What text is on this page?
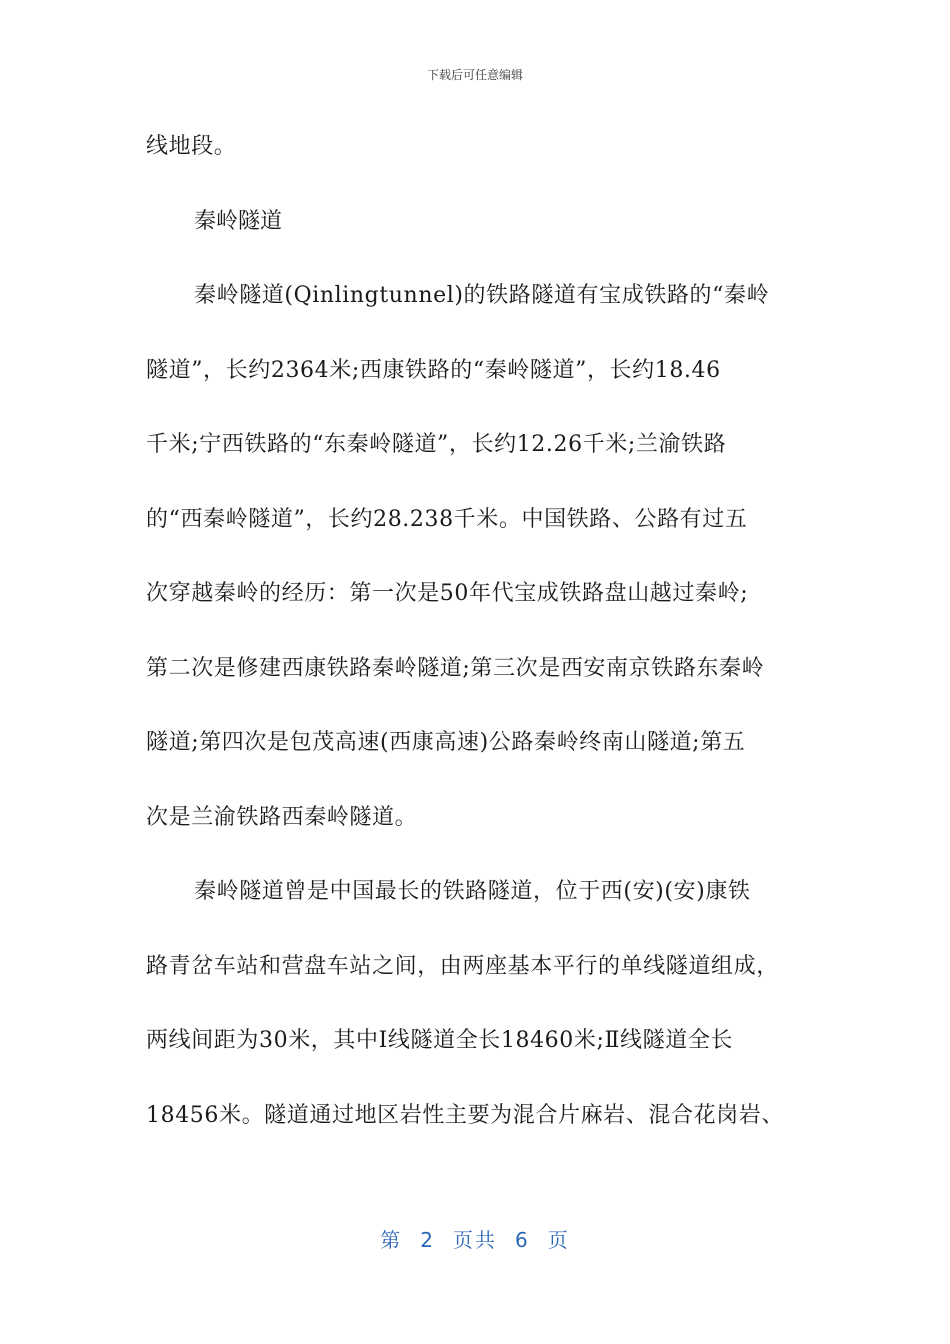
下载后可任意编辑
线地段。
秦岭隧道
秦岭隧道(Qinlingtunnel)的铁路隧道有宝成铁路的“秦岭
隧道”，长约2364米;西康铁路的“秦岭隧道”，长约18.46
千米;宁西铁路的“东秦岭隧道”，长约12.26千米;兰渝铁路
的“西秦岭隧道”，长约28.238千米。中国铁路、公路有过五
次穿越秦岭的经历：第一次是50年代宝成铁路盘山越过秦岭;
第二次是修建西康铁路秦岭隧道;第三次是西安南京铁路东秦岭
隧道;第四次是包茂高速(西康高速)公路秦岭终南山隧道;第五
次是兰渝铁路西秦岭隧道。
秦岭隧道曾是中国最长的铁路隧道，位于西(安)(安)康铁
路青岔车站和营盘车站之间，由两座基本平行的单线隧道组成，
两线间距为30米，其中Ⅰ线隧道全长18460米;Ⅱ线隧道全长
18456米。隧道通过地区岩性主要为混合片麻岩、混合花岗岩、
第 2 页共 6 页
